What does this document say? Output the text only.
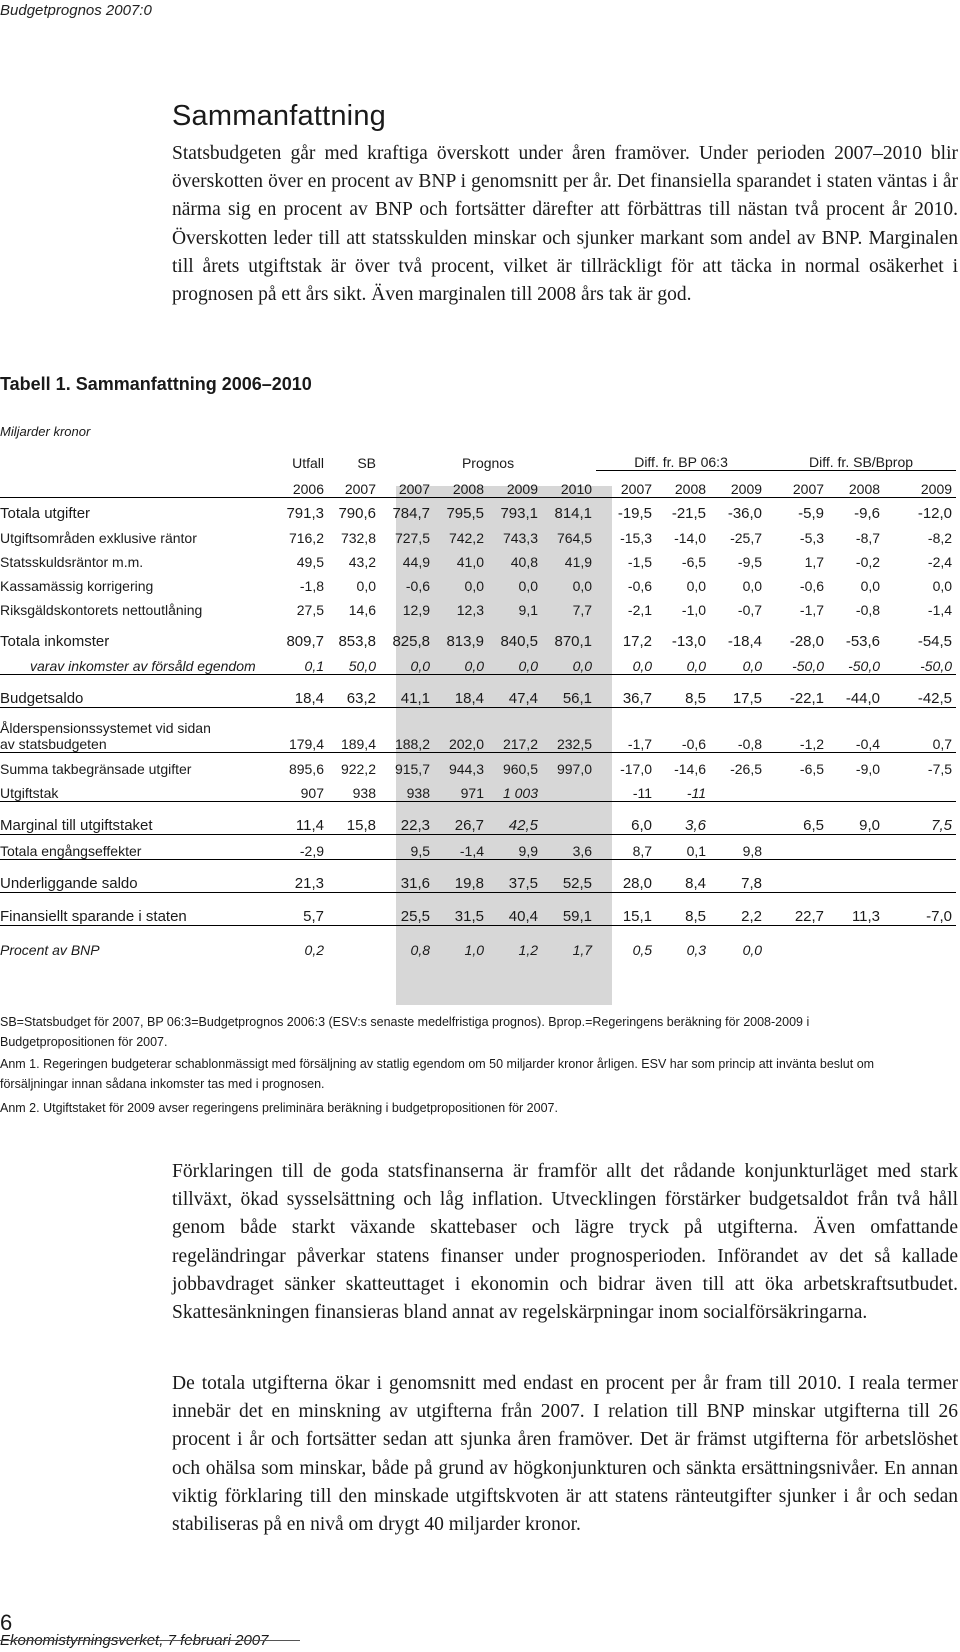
Budgetprognos 2007:0
Sammanfattning

Statsbudgeten går med kraftiga överskott under åren framöver. Under perioden 2007–2010 blir överskotten över en procent av BNP i genomsnitt per år. Det finansiella sparandet i staten väntas i år närma sig en procent av BNP och fortsätter därefter att förbättras till nästan två procent år 2010. Överskotten leder till att statsskulden minskar och sjunker markant som andel av BNP. Marginalen till årets utgiftstak är över två procent, vilket är tillräckligt för att täcka in normal osäkerhet i prognosen på ett års sikt. Även marginalen till 2008 års tak är god.

Tabell 1. Sammanfattning 2006–2010
Miljarder kronor
	Utfall	SB	Prognos				Diff. fr. BP 06:3			Diff. fr. SB/Bprop		
	2006	2007	2007	2008	2009	2010	2007	2008	2009	2007	2008	2009
Totala utgifter	791,3	790,6	784,7	795,5	793,1	814,1	-19,5	-21,5	-36,0	-5,9	-9,6	-12,0
Utgiftsområden exklusive räntor	716,2	732,8	727,5	742,2	743,3	764,5	-15,3	-14,0	-25,7	-5,3	-8,7	-8,2
Statsskuldsräntor m.m.	49,5	43,2	44,9	41,0	40,8	41,9	-1,5	-6,5	-9,5	1,7	-0,2	-2,4
Kassamässig korrigering	-1,8	0,0	-0,6	0,0	0,0	0,0	-0,6	0,0	0,0	-0,6	0,0	0,0
Riksgäldskontorets nettoutlåning	27,5	14,6	12,9	12,3	9,1	7,7	-2,1	-1,0	-0,7	-1,7	-0,8	-1,4
Totala inkomster	809,7	853,8	825,8	813,9	840,5	870,1	17,2	-13,0	-18,4	-28,0	-53,6	-54,5
varav inkomster av försåld egendom	0,1	50,0	0,0	0,0	0,0	0,0	0,0	0,0	0,0	-50,0	-50,0	-50,0
Budgetsaldo	18,4	63,2	41,1	18,4	47,4	56,1	36,7	8,5	17,5	-22,1	-44,0	-42,5

Ålderspensionssystemet vid sidan
av statsbudgeten	179,4	189,4	188,2	202,0	217,2	232,5	-1,7	-0,6	-0,8	-1,2	-0,4	0,7
Summa takbegränsade utgifter	895,6	922,2	915,7	944,3	960,5	997,0	-17,0	-14,6	-26,5	-6,5	-9,0	-7,5
Utgiftstak	907	938	938	971	1 003		-11	-11				
Marginal till utgiftstaket	11,4	15,8	22,3	26,7	42,5		6,0	3,6		6,5	9,0	7,5
Totala engångseffekter	-2,9		9,5	-1,4	9,9	3,6	8,7	0,1	9,8			
Underliggande saldo	21,3		31,6	19,8	37,5	52,5	28,0	8,4	7,8			
Finansiellt sparande i staten	5,7		25,5	31,5	40,4	59,1	15,1	8,5	2,2	22,7	11,3	-7,0
Procent av BNP	0,2		0,8	1,0	1,2	1,7	0,5	0,3	0,0			
SB=Statsbudget för 2007, BP 06:3=Budgetprognos 2006:3 (ESV:s senaste medelfristiga prognos). Bprop.=Regeringens beräkning för 2008-2009 i Budgetpropositionen för 2007.
Anm 1. Regeringen budgeterar schablonmässigt med försäljning av statlig egendom om 50 miljarder kronor årligen. ESV har som princip att invänta beslut om försäljningar innan sådana inkomster tas med i prognosen.
Anm 2. Utgiftstaket för 2009 avser regeringens preliminära beräkning i budgetpropositionen för 2007.

Förklaringen till de goda statsfinanserna är framför allt det rådande konjunkturläget med stark tillväxt, ökad sysselsättning och låg inflation. Utvecklingen förstärker budgetsaldot från två håll genom både starkt växande skattebaser och lägre tryck på utgifterna. Även omfattande regeländringar påverkar statens finanser under prognosperioden. Införandet av det så kallade jobbavdraget sänker skatteuttaget i ekonomin och bidrar även till att öka arbetskraftsutbudet. Skattesänkningen finansieras bland annat av regelskärpningar inom socialförsäkringarna.

De totala utgifterna ökar i genomsnitt med endast en procent per år fram till 2010. I reala termer innebär det en minskning av utgifterna från 2007. I relation till BNP minskar utgifterna till 26 procent i år och fortsätter sedan att sjunka åren framöver. Det är främst utgifterna för arbetslöshet och ohälsa som minskar, både på grund av högkonjunkturen och sänkta ersättningsnivåer. En annan viktig förklaring till den minskade utgiftskvoten är att statens ränteutgifter sjunker i år och sedan stabiliseras på en nivå om drygt 40 miljarder kronor.

6
Ekonomistyrningsverket, 7 februari 2007
